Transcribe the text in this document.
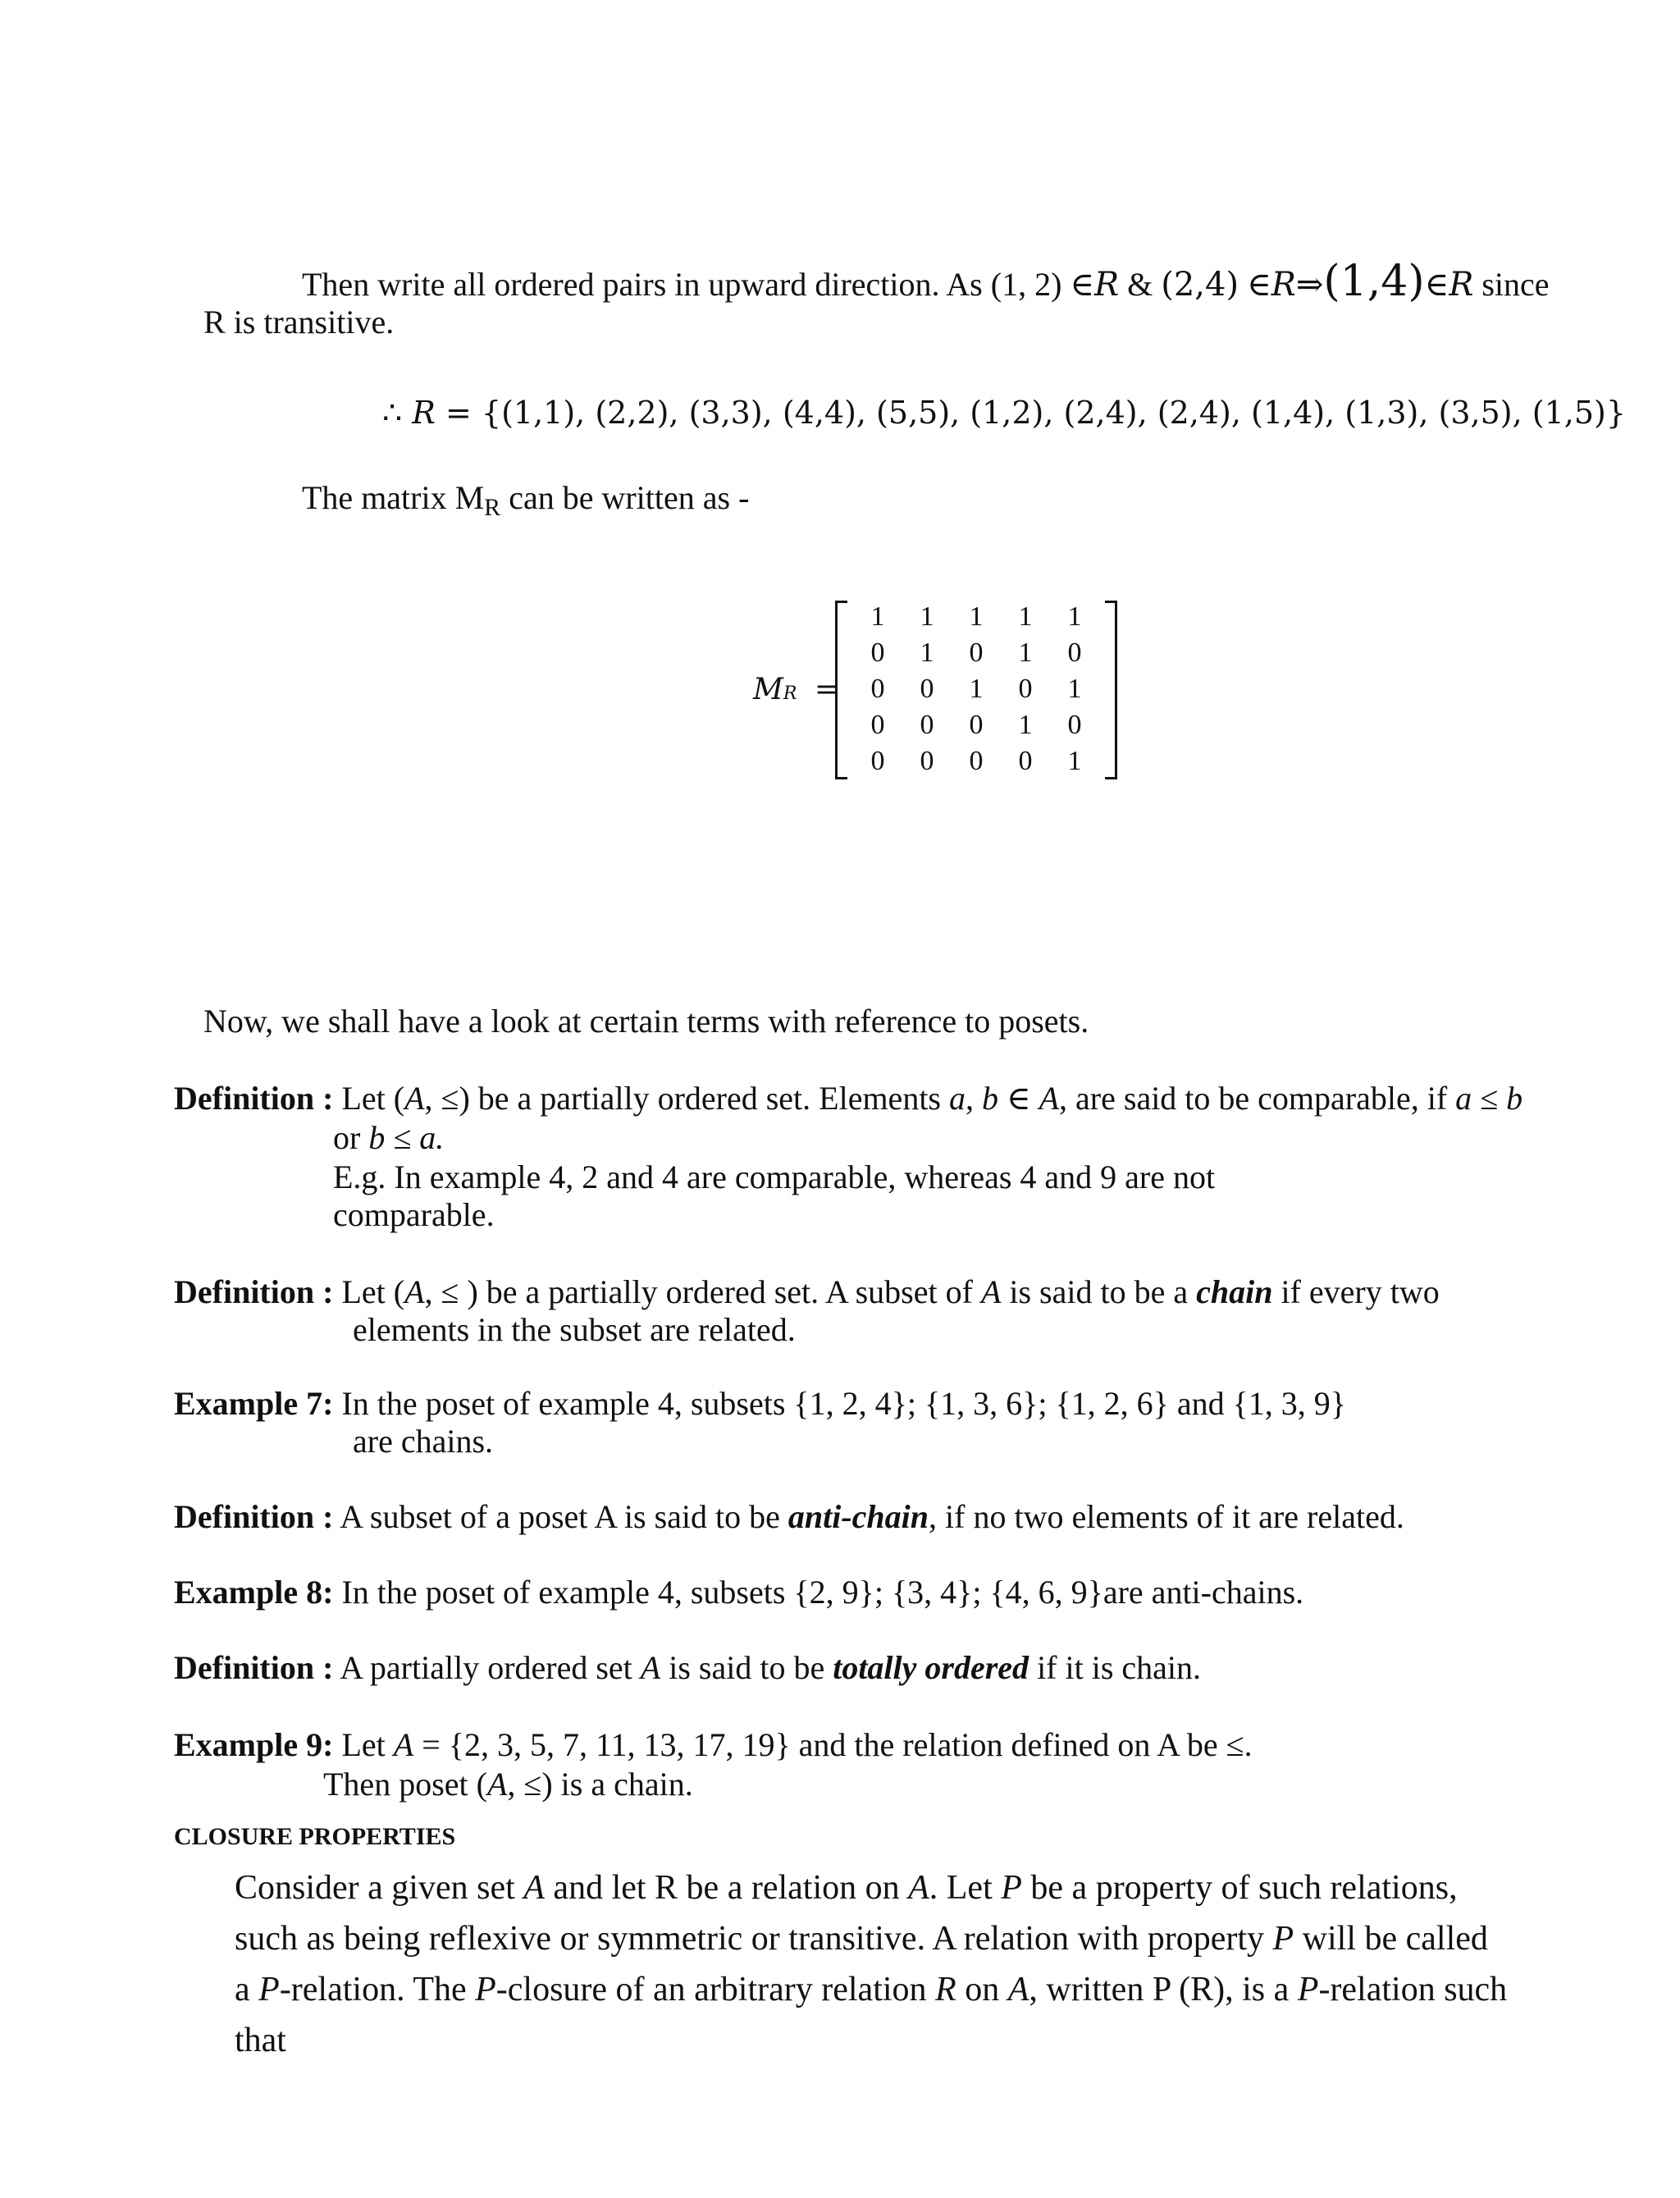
Then write all ordered pairs in upward direction. As (1, 2) ∈R & (2,4) ∈R⇒(1,4)∈R since
R is transitive.
∴ R = {(1,1), (2,2), (3,3), (4,4), (5,5), (1,2), (2,4), (2,4), (1,4), (1,3), (3,5), (1,5)}
The matrix $M_R$ can be written as -
MR =
1	1	1	1	1
0	1	0	1	0
0	0	1	0	1
0	0	0	1	0
0	0	0	0	1
Now, we shall have a look at certain terms with reference to posets.
Definition : Let (A, ≤) be a partially ordered set. Elements a, b ∈ A, are said to be comparable, if a ≤ b
or b ≤ a.
E.g. In example 4, 2 and 4 are comparable, whereas 4 and 9 are not
comparable.
Definition : Let (A, ≤ ) be a partially ordered set. A subset of A is said to be a chain if every two
elements in the subset are related.
Example 7: In the poset of example 4, subsets {1, 2, 4}; {1, 3, 6}; {1, 2, 6} and {1, 3, 9}
are chains.
Definition : A subset of a poset A is said to be anti-chain, if no two elements of it are related.
Example 8: In the poset of example 4, subsets {2, 9}; {3, 4}; {4, 6, 9}are anti-chains.
Definition : A partially ordered set A is said to be totally ordered if it is chain.
Example 9: Let A = {2, 3, 5, 7, 11, 13, 17, 19} and the relation defined on A be ≤.
Then poset (A, ≤) is a chain.
CLOSURE PROPERTIES
Consider a given set A and let R be a relation on A. Let P be a property of such relations,
such as being reflexive or symmetric or transitive. A relation with property P will be called
a P-relation. The P-closure of an arbitrary relation R on A, written P (R), is a P-relation such
that
